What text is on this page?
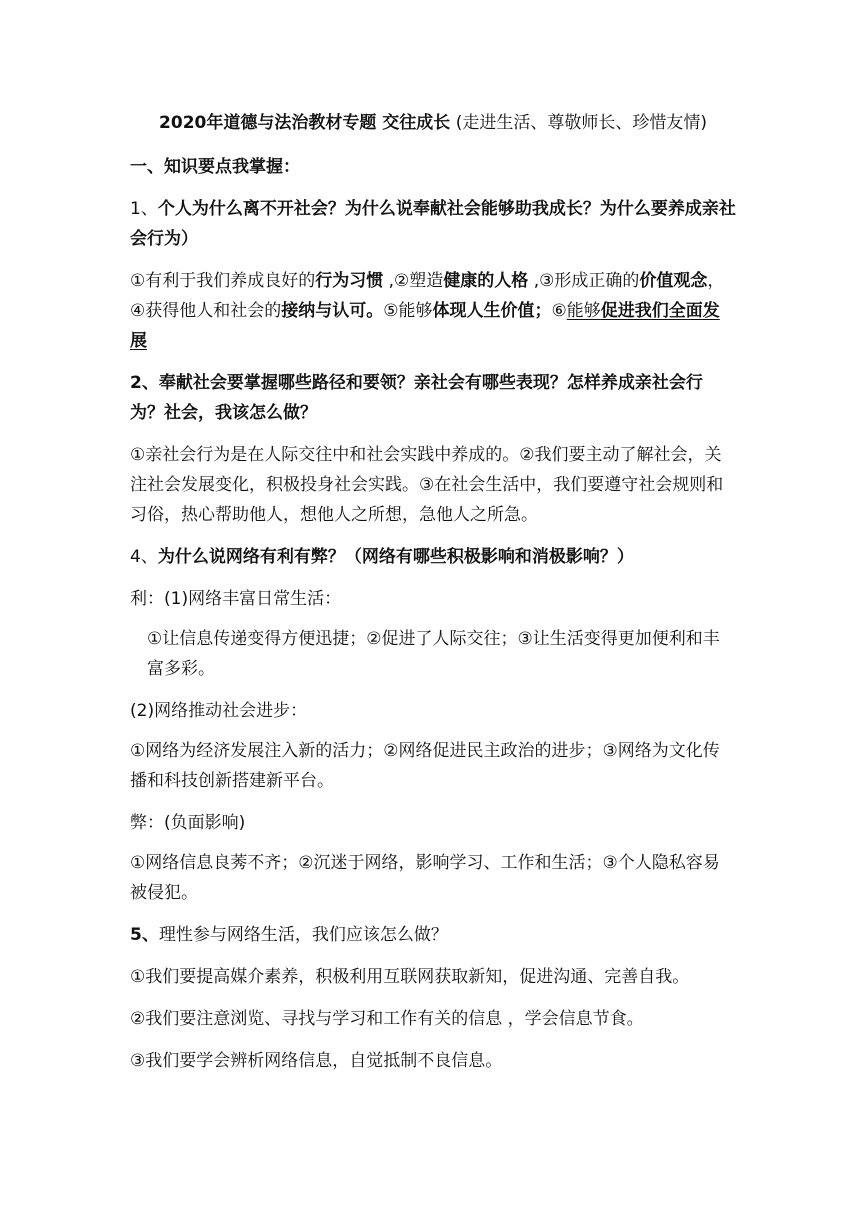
2020年道德与法治教材专题 交往成长 (走进生活、尊敬师长、珍惜友情)

一、知识要点我掌握：

1、个人为什么离不开社会？为什么说奉献社会能够助我成长？为什么要养成亲社会行为）

①有利于我们养成良好的行为习惯 ,②塑造健康的人格 ,③形成正确的价值观念，④获得他人和社会的接纳与认可。⑤能够体现人生价值；⑥能够促进我们全面发展

2、奉献社会要掌握哪些路径和要领？亲社会有哪些表现？怎样养成亲社会行为？社会，我该怎么做？

①亲社会行为是在人际交往中和社会实践中养成的。②我们要主动了解社会，关注社会发展变化，积极投身社会实践。③在社会生活中，我们要遵守社会规则和习俗，热心帮助他人，想他人之所想，急他人之所急。

4、为什么说网络有利有弊？（网络有哪些积极影响和消极影响？）

利：(1)网络丰富日常生活：

①让信息传递变得方便迅捷；②促进了人际交往；③让生活变得更加便利和丰富多彩。

(2)网络推动社会进步：

①网络为经济发展注入新的活力；②网络促进民主政治的进步；③网络为文化传播和科技创新搭建新平台。

弊：(负面影响)

①网络信息良莠不齐；②沉迷于网络，影响学习、工作和生活；③个人隐私容易被侵犯。

5、理性参与网络生活，我们应该怎么做？

①我们要提高媒介素养，积极利用互联网获取新知，促进沟通、完善自我。

②我们要注意浏览、寻找与学习和工作有关的信息 ，学会信息节食。

③我们要学会辨析网络信息，自觉抵制不良信息。
